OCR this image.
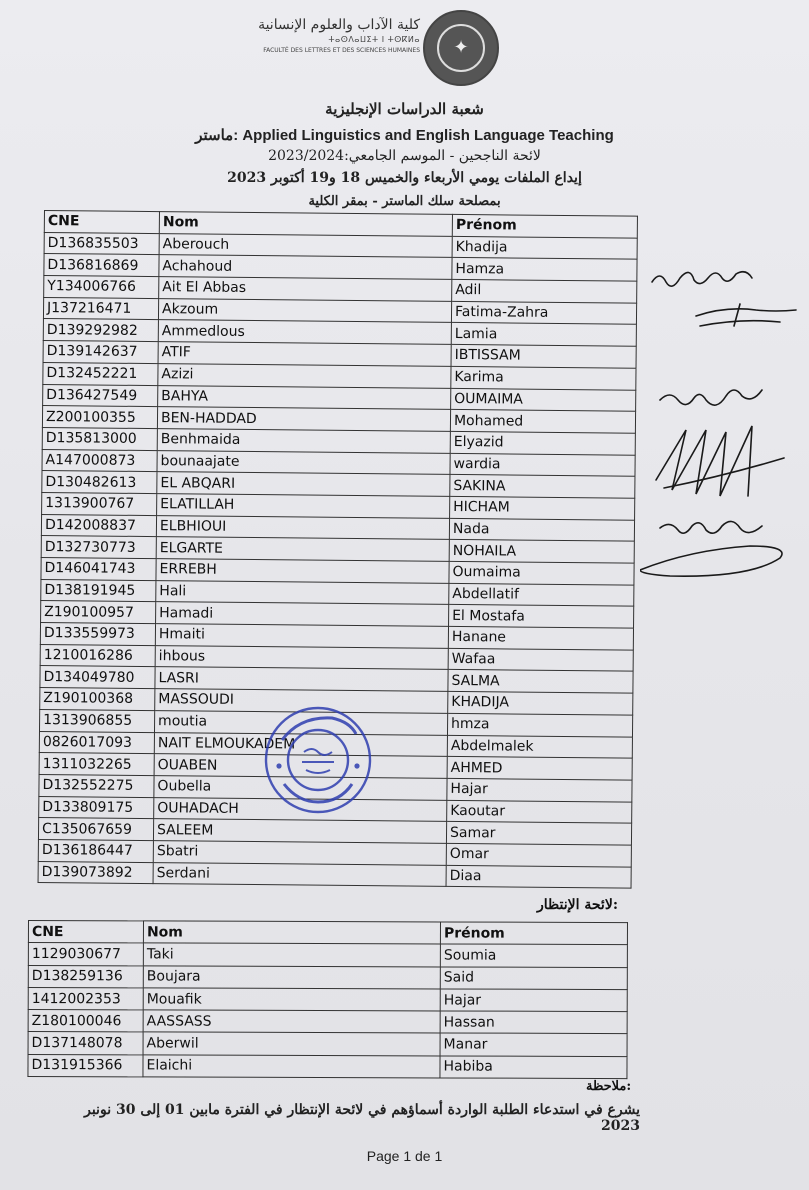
كلية الآداب والعلوم الإنسانية
ⵜⴰⵙⴷⴰⵡⵉⵜ ⵏ ⵜⵙⴽⵍⴰ
FACULTÉ DES LETTRES ET DES SCIENCES HUMAINES	✦
شعبة الدراسات الإنجليزية
ماستر: Applied Linguistics and English Language Teaching
لائحة الناجحين - الموسم الجامعي:2023/2024
إيداع الملفات يومي الأربعاء والخميس 18 و19 أكتوبر 2023
بمصلحة سلك الماستر - بمقر الكلية
CNE	Nom	Prénom
D136835503	Aberouch	Khadija
D136816869	Achahoud	Hamza
Y134006766	Ait El Abbas	Adil
J137216471	Akzoum	Fatima-Zahra
D139292982	Ammedlous	Lamia
D139142637	ATIF	IBTISSAM
D132452221	Azizi	Karima
D136427549	BAHYA	OUMAIMA
Z200100355	BEN-HADDAD	Mohamed
D135813000	Benhmaida	Elyazid
A147000873	bounaajate	wardia
D130482613	EL ABQARI	SAKINA
1313900767	ELATILLAH	HICHAM
D142008837	ELBHIOUI	Nada
D132730773	ELGARTE	NOHAILA
D146041743	ERREBH	Oumaima
D138191945	Hali	Abdellatif
Z190100957	Hamadi	El Mostafa
D133559973	Hmaiti	Hanane
1210016286	ihbous	Wafaa
D134049780	LASRI	SALMA
Z190100368	MASSOUDI	KHADIJA
1313906855	moutia	hmza
0826017093	NAIT ELMOUKADEM	Abdelmalek
1311032265	OUABEN	AHMED
D132552275	Oubella	Hajar
D133809175	OUHADACH	Kaoutar
C135067659	SALEEM	Samar
D136186447	Sbatri	Omar
D139073892	Serdani	Diaa
لائحة الإنتظار:
CNE	Nom	Prénom
1129030677	Taki	Soumia
D138259136	Boujara	Said
1412002353	Mouafik	Hajar
Z180100046	AASSASS	Hassan
D137148078	Aberwil	Manar
D131915366	Elaichi	Habiba
ملاحظة:
يشرع في استدعاء الطلبة الواردة أسماؤهم في لائحة الإنتظار في الفترة مابين 01 إلى 30 نونبر 2023
Page 1 de 1
